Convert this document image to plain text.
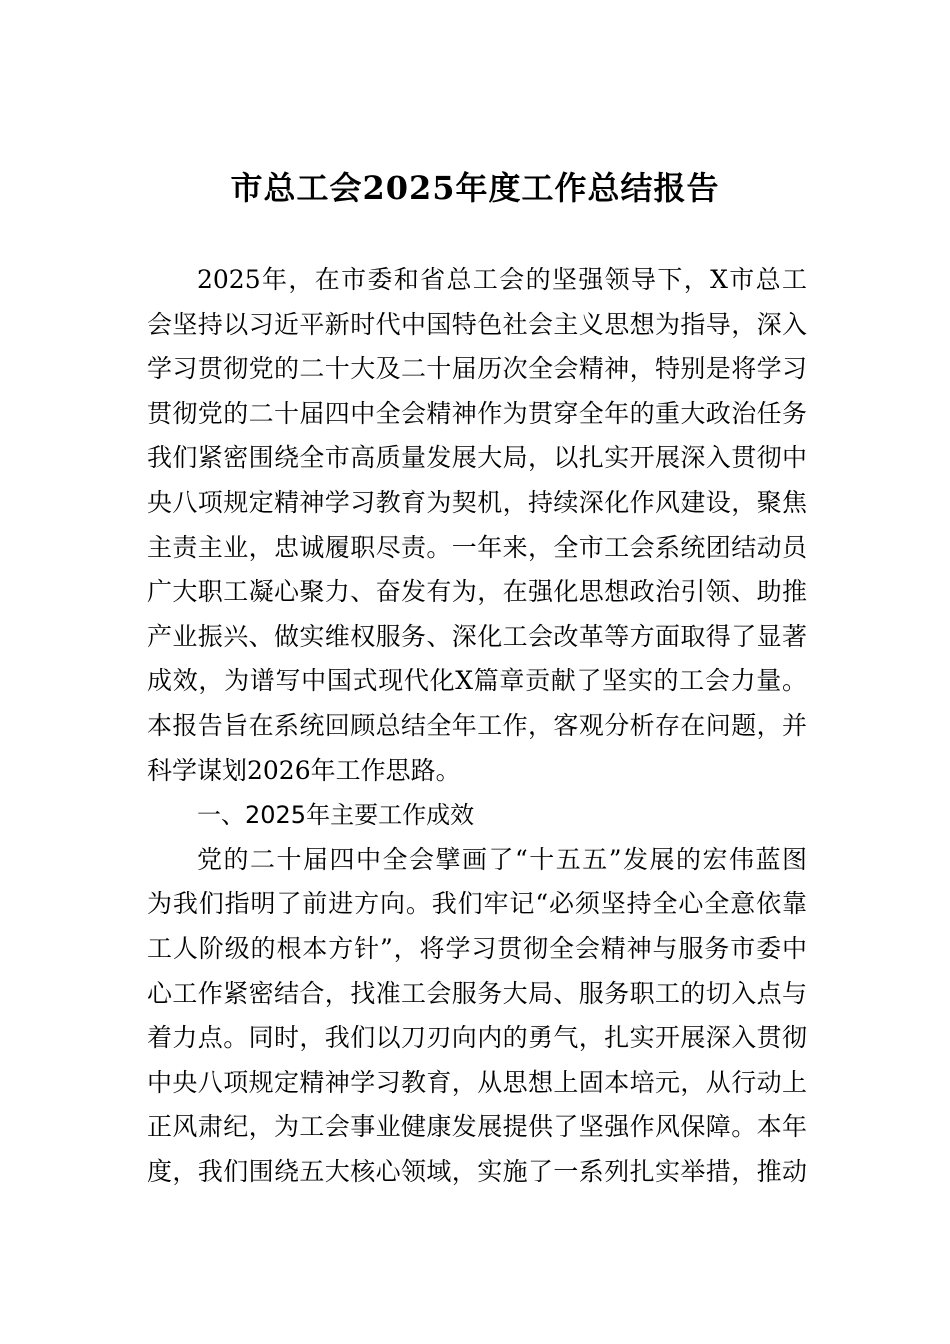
市总工会2025年度工作总结报告
2025年，在市委和省总工会的坚强领导下，X市总工
会坚持以习近平新时代中国特色社会主义思想为指导，深入
学习贯彻党的二十大及二十届历次全会精神，特别是将学习
贯彻党的二十届四中全会精神作为贯穿全年的重大政治任务
我们紧密围绕全市高质量发展大局，以扎实开展深入贯彻中
央八项规定精神学习教育为契机，持续深化作风建设，聚焦
主责主业，忠诚履职尽责。一年来，全市工会系统团结动员
广大职工凝心聚力、奋发有为，在强化思想政治引领、助推
产业振兴、做实维权服务、深化工会改革等方面取得了显著
成效，为谱写中国式现代化X篇章贡献了坚实的工会力量。
本报告旨在系统回顾总结全年工作，客观分析存在问题，并
科学谋划2026年工作思路。
一、2025年主要工作成效
党的二十届四中全会擘画了“十五五”发展的宏伟蓝图
为我们指明了前进方向。我们牢记“必须坚持全心全意依靠
工人阶级的根本方针”，将学习贯彻全会精神与服务市委中
心工作紧密结合，找准工会服务大局、服务职工的切入点与
着力点。同时，我们以刀刃向内的勇气，扎实开展深入贯彻
中央八项规定精神学习教育，从思想上固本培元，从行动上
正风肃纪，为工会事业健康发展提供了坚强作风保障。本年
度，我们围绕五大核心领域，实施了一系列扎实举措，推动
